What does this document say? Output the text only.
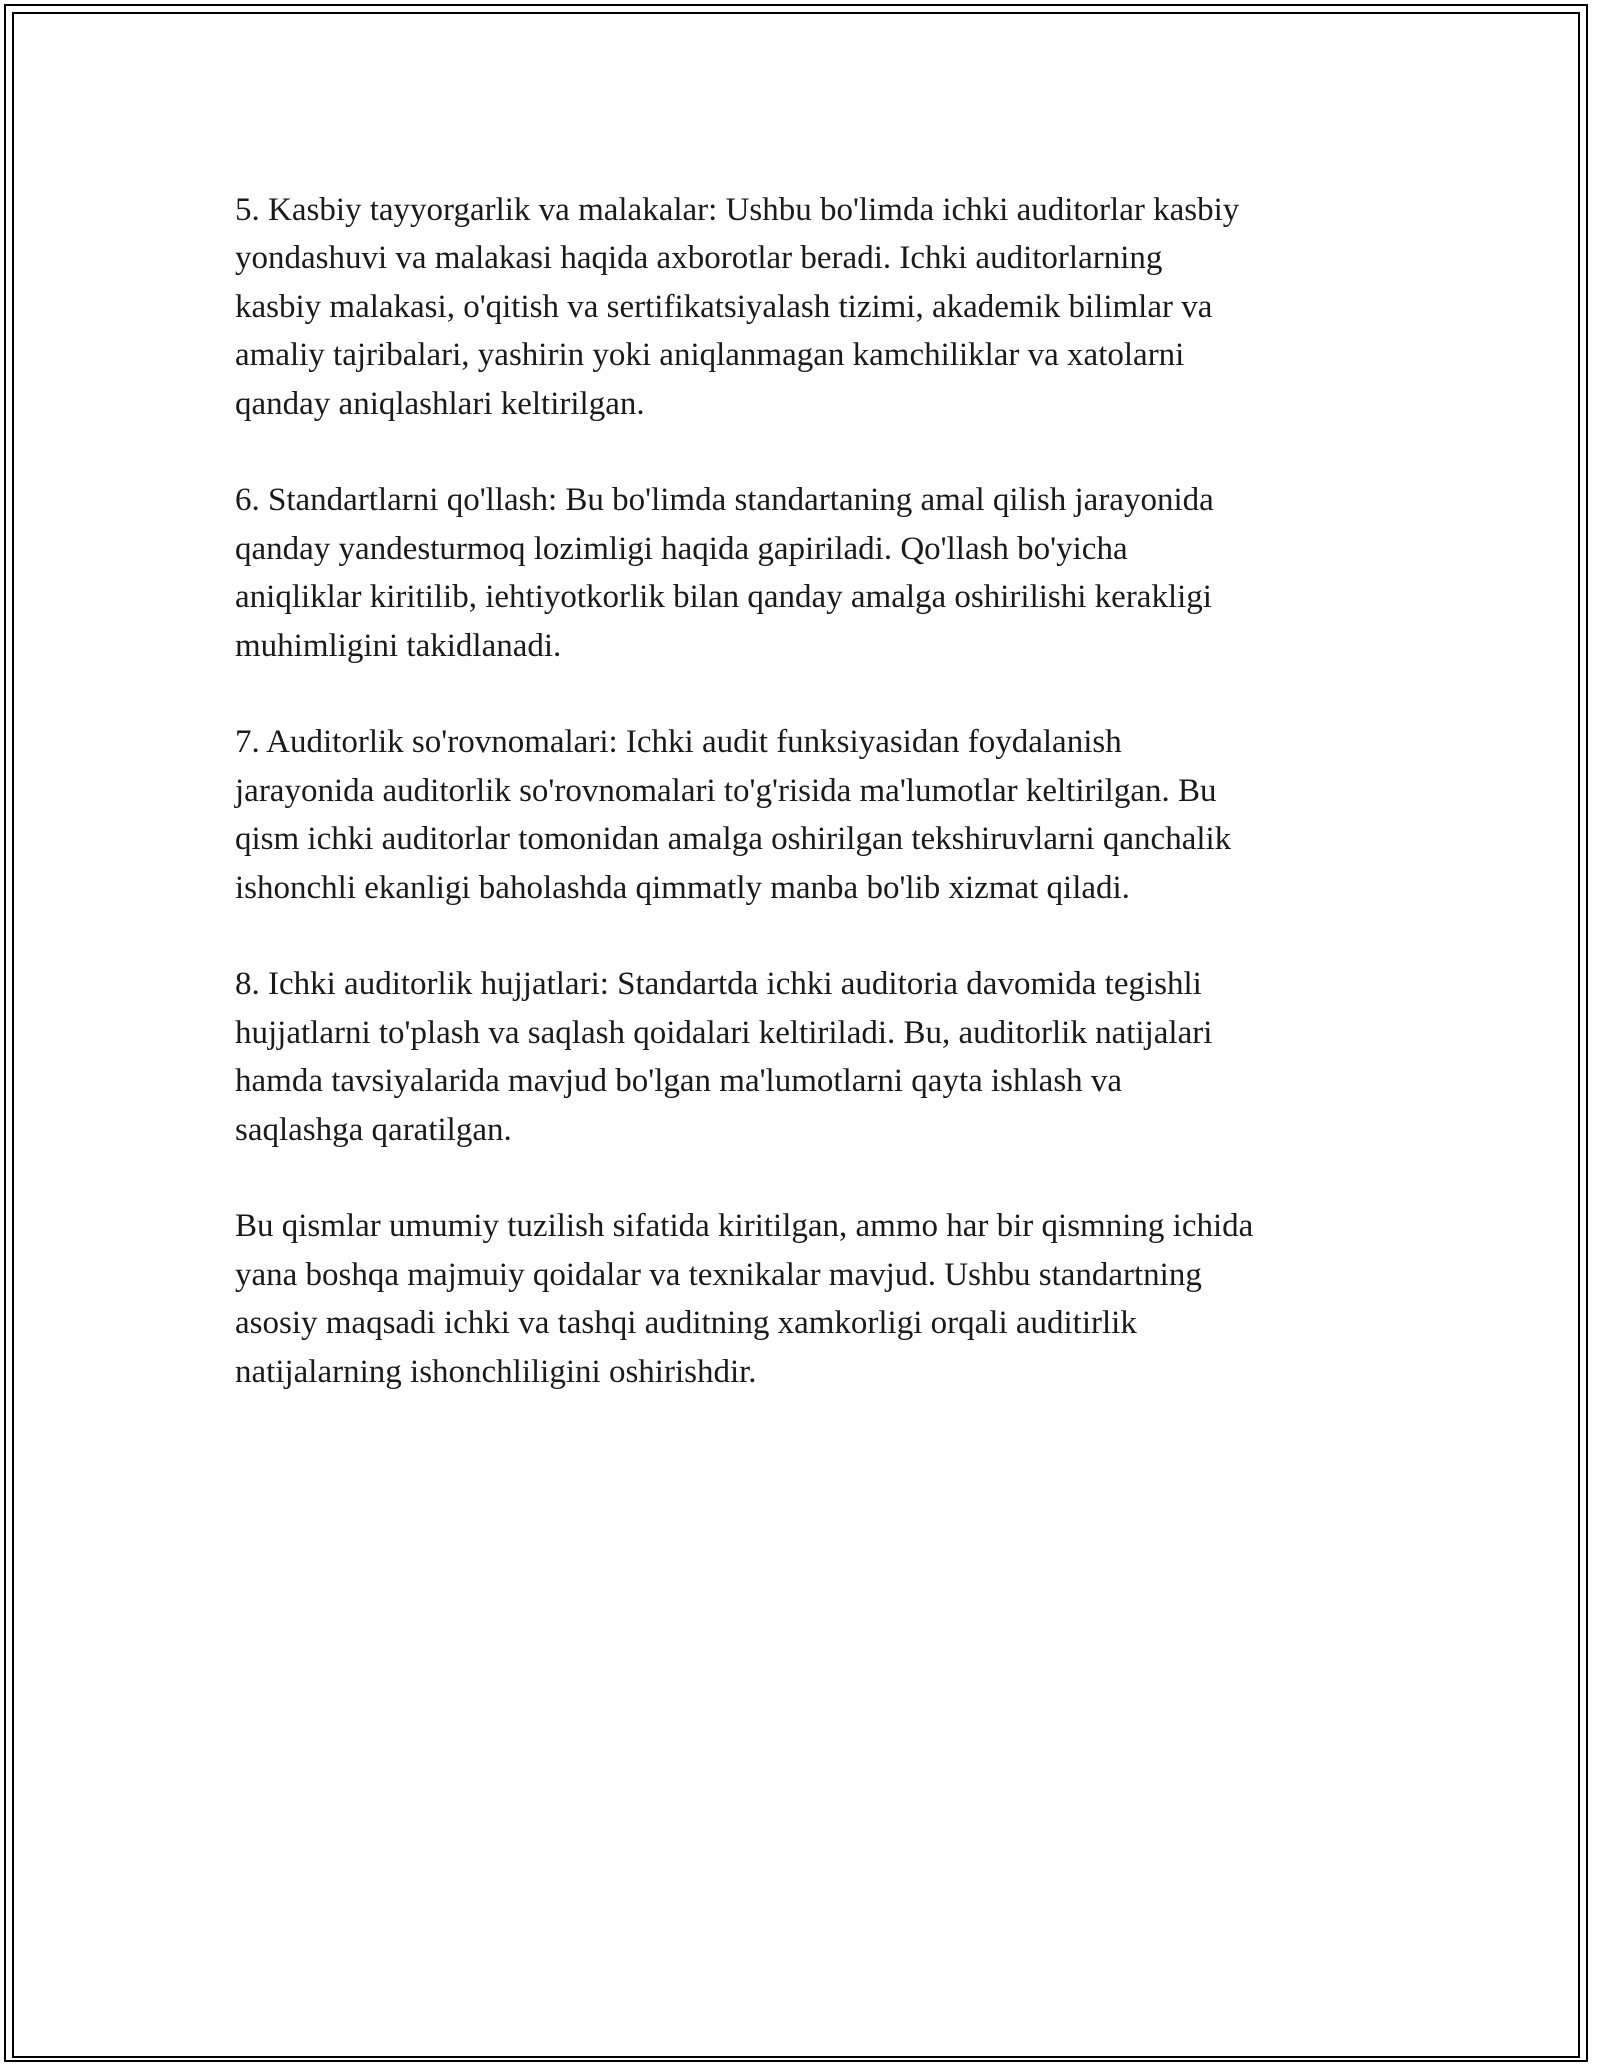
5. Kasbiy tayyorgarlik va malakalar: Ushbu bo'limda ichki auditorlar kasbiy
yondashuvi va malakasi haqida axborotlar beradi. Ichki auditorlarning
kasbiy malakasi, o'qitish va sertifikatsiyalash tizimi, akademik bilimlar va
amaliy tajribalari, yashirin yoki aniqlanmagan kamchiliklar va xatolarni
qanday aniqlashlari keltirilgan.

6. Standartlarni qo'llash: Bu bo'limda standartaning amal qilish jarayonida
qanday yandesturmoq lozimligi haqida gapiriladi. Qo'llash bo'yicha
aniqliklar kiritilib, iehtiyotkorlik bilan qanday amalga oshirilishi kerakligi
muhimligini takidlanadi.

7. Auditorlik so'rovnomalari: Ichki audit funksiyasidan foydalanish
jarayonida auditorlik so'rovnomalari to'g'risida ma'lumotlar keltirilgan. Bu
qism ichki auditorlar tomonidan amalga oshirilgan tekshiruvlarni qanchalik
ishonchli ekanligi baholashda qimmatly manba bo'lib xizmat qiladi.

8. Ichki auditorlik hujjatlari: Standartda ichki auditoria davomida tegishli
hujjatlarni to'plash va saqlash qoidalari keltiriladi. Bu, auditorlik natijalari
hamda tavsiyalarida mavjud bo'lgan ma'lumotlarni qayta ishlash va
saqlashga qaratilgan.

Bu qismlar umumiy tuzilish sifatida kiritilgan, ammo har bir qismning ichida
yana boshqa majmuiy qoidalar va texnikalar mavjud. Ushbu standartning
asosiy maqsadi ichki va tashqi auditning xamkorligi orqali auditirlik
natijalarning ishonchliligini oshirishdir.
